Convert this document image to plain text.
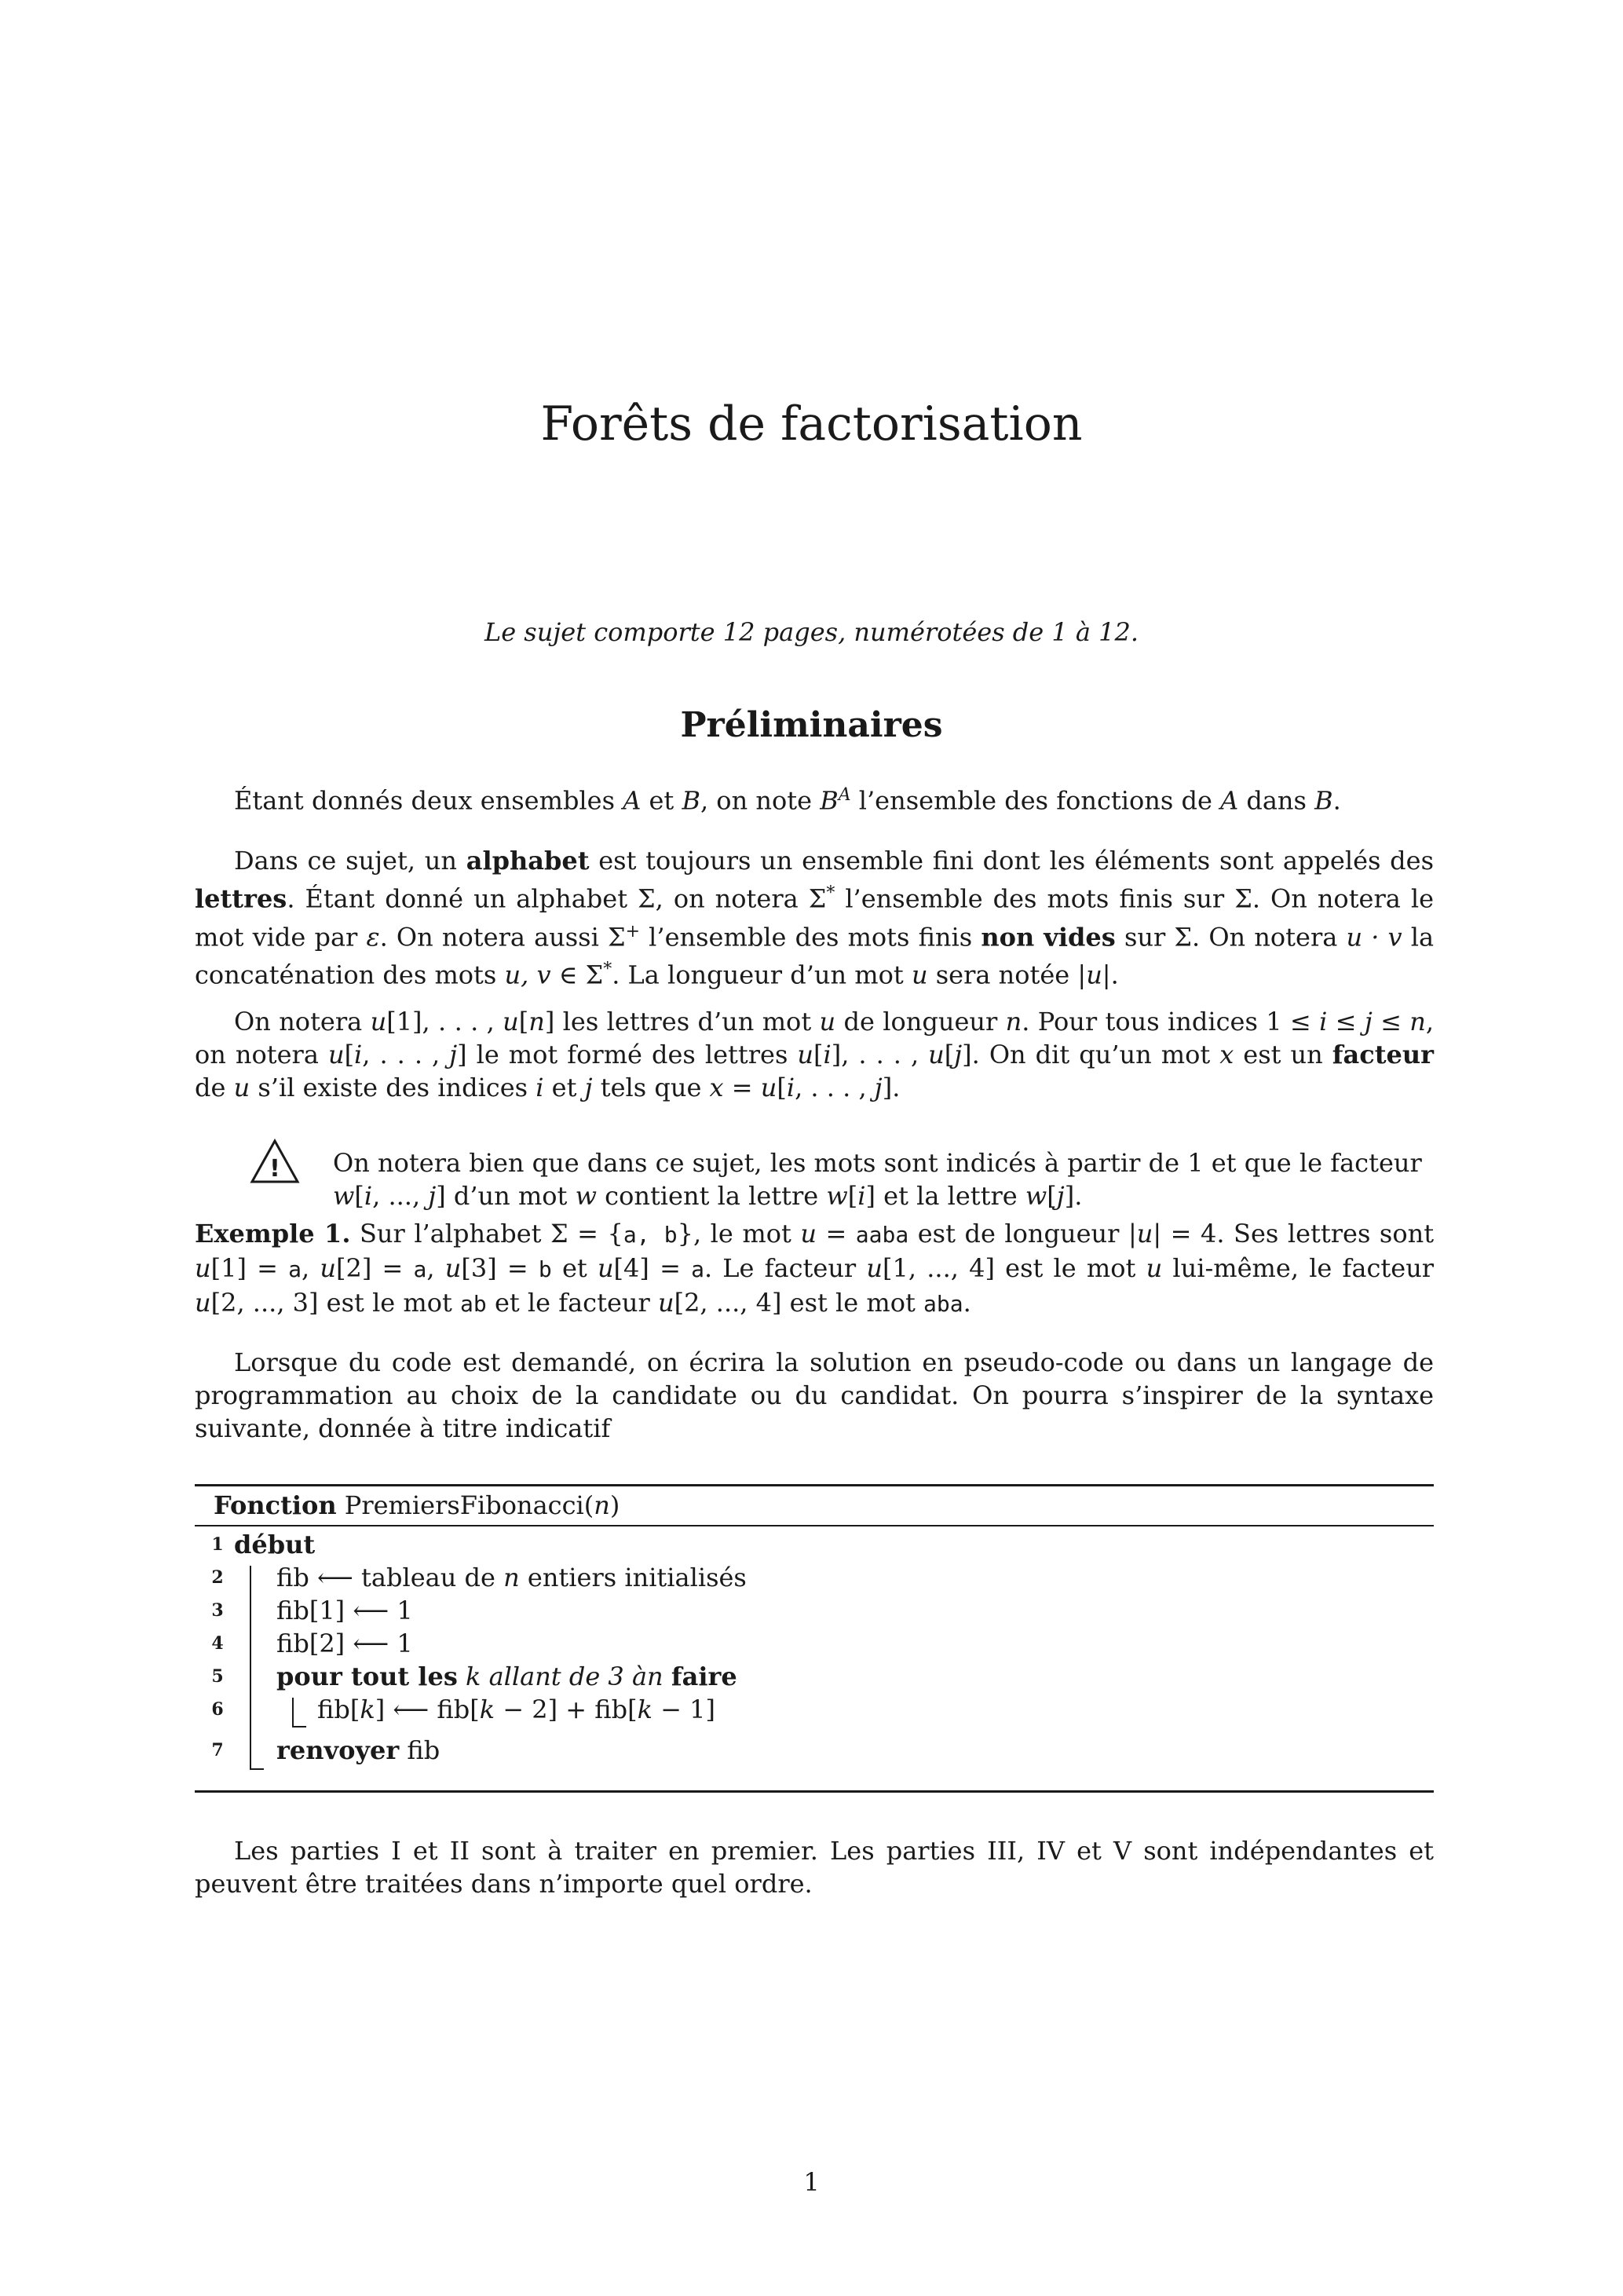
Forêts de factorisation
Le sujet comporte 12 pages, numérotées de 1 à 12.
Préliminaires

Étant donnés deux ensembles A et B, on note $B^A$ l’ensemble des fonctions de A dans B.

Dans ce sujet, un alphabet est toujours un ensemble fini dont les éléments sont appelés des lettres. Étant donné un alphabet Σ, on notera Σ* l’ensemble des mots finis sur Σ. On notera le mot vide par ε. On notera aussi Σ+ l’ensemble des mots finis non vides sur Σ. On notera u · v la concaténation des mots u, v ∈ Σ*. La longueur d’un mot u sera notée |u|.

On notera u[1], . . . , u[n] les lettres d’un mot u de longueur n. Pour tous indices 1 ≤ i ≤ j ≤ n, on notera u[i, . . . , j] le mot formé des lettres u[i], . . . , u[j]. On dit qu’un mot x est un facteur de u s’il existe des indices i et j tels que x = u[i, . . . , j].

! On notera bien que dans ce sujet, les mots sont indicés à partir de 1 et que le facteur w[i, ..., j] d’un mot w contient la lettre w[i] et la lettre w[j].

Exemple 1. Sur l’alphabet Σ = {a, b}, le mot u = aaba est de longueur |u| = 4. Ses lettres sont u[1] = a, u[2] = a, u[3] = b et u[4] = a. Le facteur u[1, ..., 4] est le mot u lui-même, le facteur u[2, ..., 3] est le mot ab et le facteur u[2, ..., 4] est le mot aba.

Lorsque du code est demandé, on écrira la solution en pseudo-code ou dans un langage de programmation au choix de la candidate ou du candidat. On pourra s’inspirer de la syntaxe suivante, donnée à titre indicatif

Fonction PremiersFibonacci(n)
1 début
2 fib ⟵ tableau de n entiers initialisés
3 fib[1] ⟵ 1
4 fib[2] ⟵ 1
5 pour tout les k allant de 3 àn faire
6	fib[k] ⟵ fib[k − 2] + fib[k − 1]
7 renvoyer fib

Les parties I et II sont à traiter en premier. Les parties III, IV et V sont indépendantes et peuvent être traitées dans n’importe quel ordre.

1
